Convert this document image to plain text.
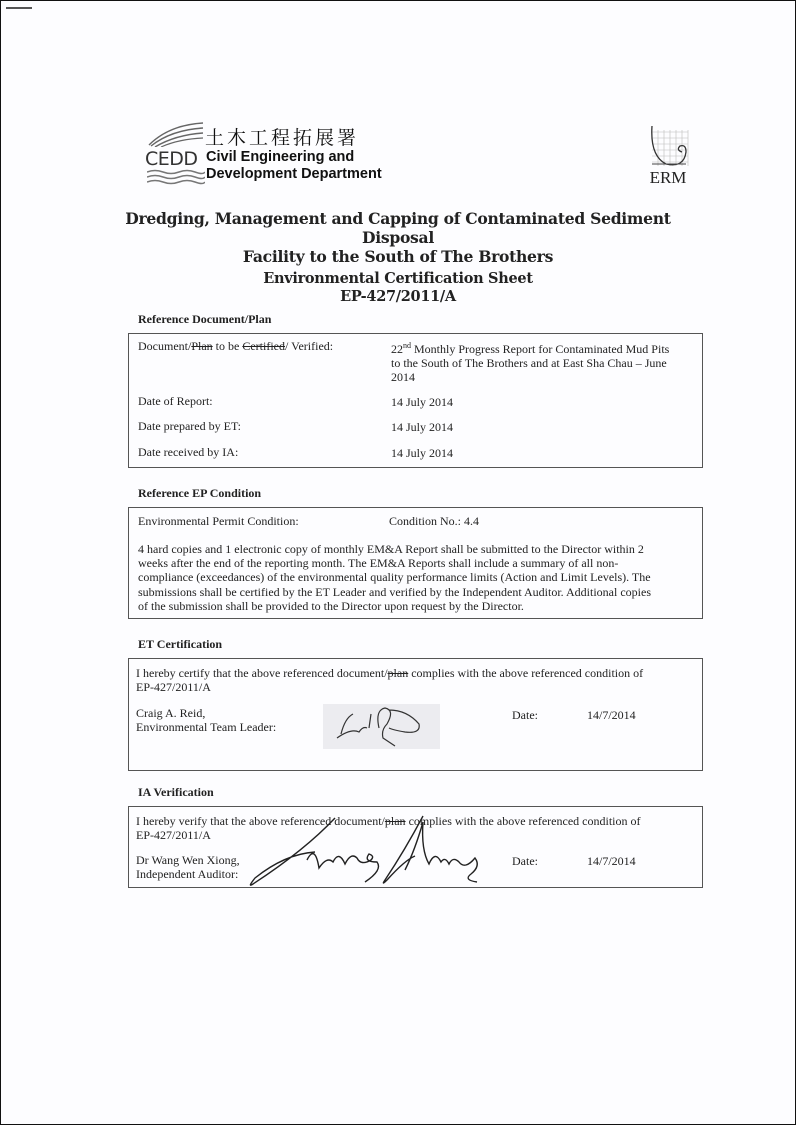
CEDD
土木工程拓展署
Civil Engineering and
Development Department	ERM
Dredging, Management and Capping of Contaminated Sediment Disposal
Facility to the South of The Brothers
Environmental Certification Sheet
EP-427/2011/A
Reference Document/Plan
Document/Plan to be Certified/ Verified:	22nd Monthly Progress Report for Contaminated Mud Pits
to the South of The Brothers and at East Sha Chau – June
2014
Date of Report:	14 July 2014
Date prepared by ET:	14 July 2014
Date received by IA:	14 July 2014
Reference EP Condition
Environmental Permit Condition:	Condition No.: 4.4
4 hard copies and 1 electronic copy of monthly EM&A Report shall be submitted to the Director within 2
weeks after the end of the reporting month. The EM&A Reports shall include a summary of all non-
compliance (exceedances) of the environmental quality performance limits (Action and Limit Levels). The
submissions shall be certified by the ET Leader and verified by the Independent Auditor. Additional copies
of the submission shall be provided to the Director upon request by the Director.
ET Certification
I hereby certify that the above referenced document/plan complies with the above referenced condition of
EP-427/2011/A
Craig A. Reid,
Environmental Team Leader:
Date:	14/7/2014
IA Verification
I hereby verify that the above referenced document/plan complies with the above referenced condition of
EP-427/2011/A
Dr Wang Wen Xiong,
Independent Auditor:
Date:	14/7/2014
